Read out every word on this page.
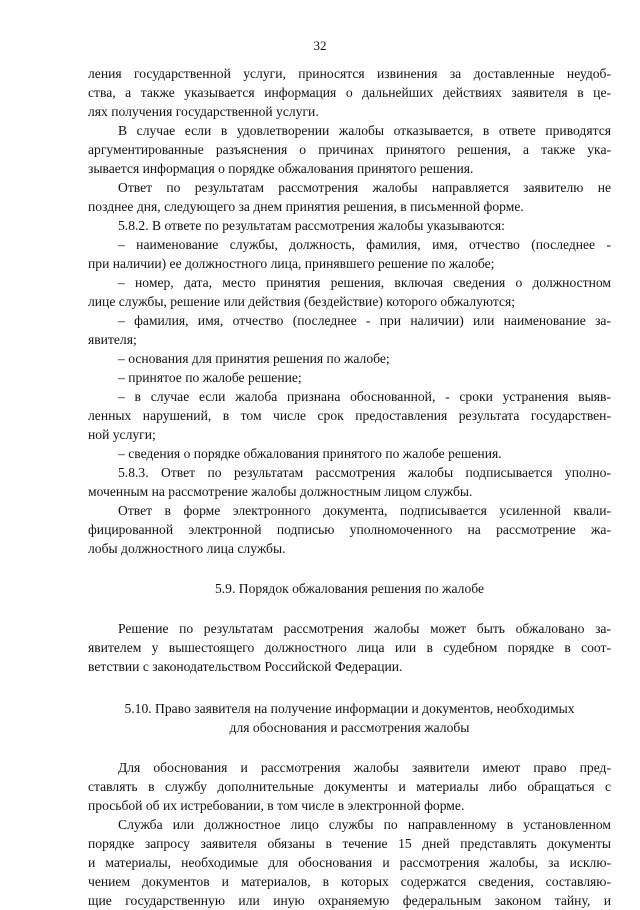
32
ления государственной услуги, приносятся извинения за доставленные неудоб-
ства, а также указывается информация о дальнейших действиях заявителя в це-
лях получения государственной услуги.
В случае если в удовлетворении жалобы отказывается, в ответе приводятся
аргументированные разъяснения о причинах принятого решения, а также ука-
зывается информация о порядке обжалования принятого решения.
Ответ по результатам рассмотрения жалобы направляется заявителю не
позднее дня, следующего за днем принятия решения, в письменной форме.
5.8.2. В ответе по результатам рассмотрения жалобы указываются:
– наименование службы, должность, фамилия, имя, отчество (последнее -
при наличии) ее должностного лица, принявшего решение по жалобе;
– номер, дата, место принятия решения, включая сведения о должностном
лице службы, решение или действия (бездействие) которого обжалуются;
– фамилия, имя, отчество (последнее - при наличии) или наименование за-
явителя;
– основания для принятия решения по жалобе;
– принятое по жалобе решение;
– в случае если жалоба признана обоснованной, - сроки устранения выяв-
ленных нарушений, в том числе срок предоставления результата государствен-
ной услуги;
– сведения о порядке обжалования принятого по жалобе решения.
5.8.3. Ответ по результатам рассмотрения жалобы подписывается уполно-
моченным на рассмотрение жалобы должностным лицом службы.
Ответ в форме электронного документа, подписывается усиленной квали-
фицированной электронной подписью уполномоченного на рассмотрение жа-
лобы должностного лица службы.
5.9. Порядок обжалования решения по жалобе
Решение по результатам рассмотрения жалобы может быть обжаловано за-
явителем у вышестоящего должностного лица или в судебном порядке в соот-
ветствии с законодательством Российской Федерации.
5.10. Право заявителя на получение информации и документов, необходимых
для обоснования и рассмотрения жалобы
Для обоснования и рассмотрения жалобы заявители имеют право пред-
ставлять в службу дополнительные документы и материалы либо обращаться с
просьбой об их истребовании, в том числе в электронной форме.
Служба или должностное лицо службы по направленному в установленном
порядке запросу заявителя обязаны в течение 15 дней представлять документы
и материалы, необходимые для обоснования и рассмотрения жалобы, за исклю-
чением документов и материалов, в которых содержатся сведения, составляю-
щие государственную или иную охраняемую федеральным законом тайну, и
